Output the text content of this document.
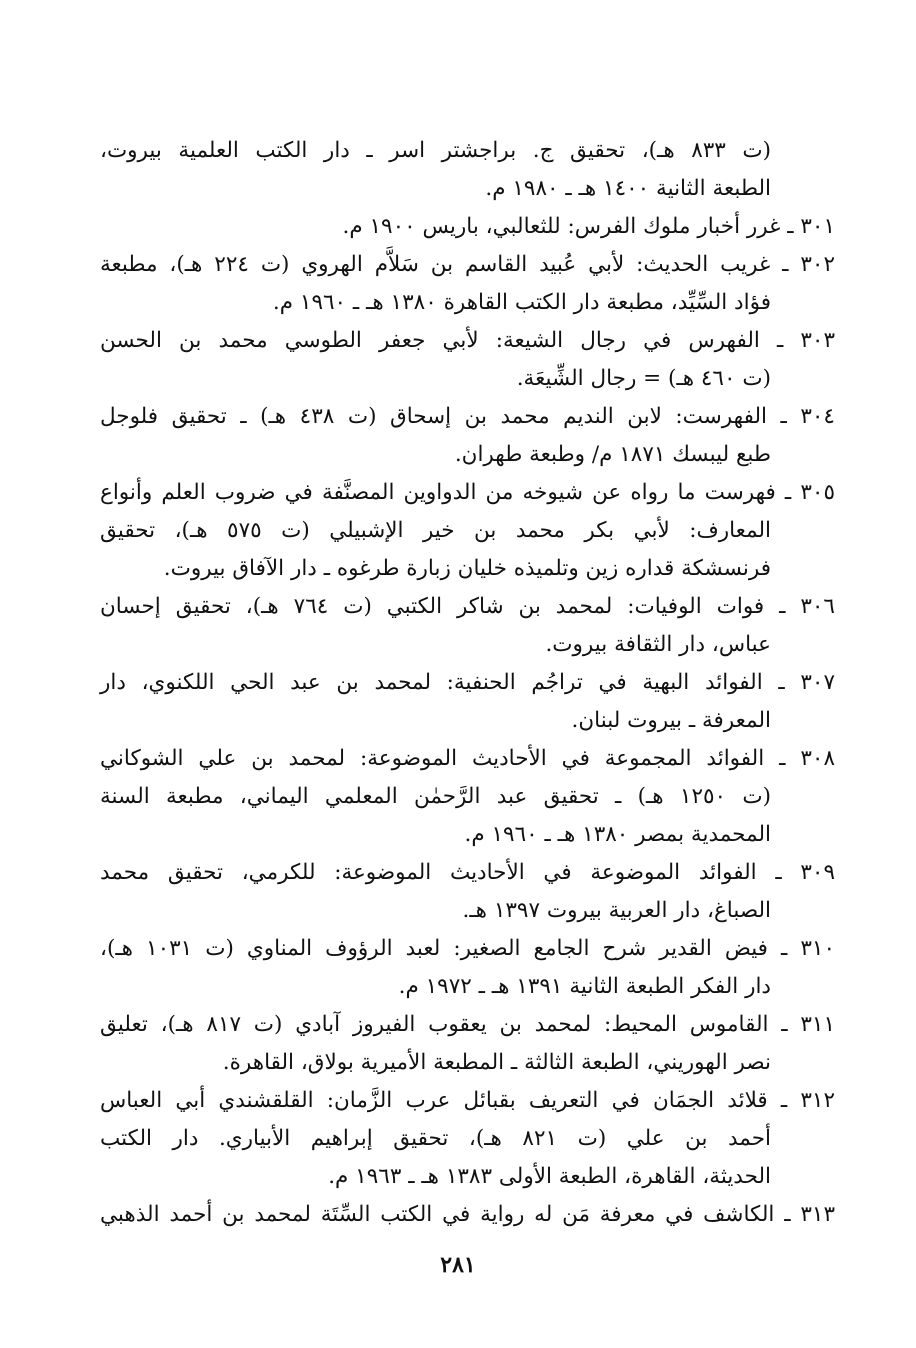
(ت ٨٣٣ هـ)، تحقيق ج. براجشتر اسر ـ دار الكتب العلمية بيروت،
الطبعة الثانية ١٤٠٠ هـ ـ ١٩٨٠ م.
٣٠١ ـ غرر أخبار ملوك الفرس: للثعالبي، باريس ١٩٠٠ م.
٣٠٢ ـ غريب الحديث: لأبي عُبيد القاسم بن سَلاَّم الهروي (ت ٢٢٤ هـ)، مطبعة
فؤاد السِّيِّد، مطبعة دار الكتب القاهرة ١٣٨٠ هـ ـ ١٩٦٠ م.
٣٠٣ ـ الفهرس في رجال الشيعة: لأبي جعفر الطوسي محمد بن الحسن
(ت ٤٦٠ هـ) = رجال الشِّيعَة.
٣٠٤ ـ الفهرست: لابن النديم محمد بن إسحاق (ت ٤٣٨ هـ) ـ تحقيق فلوجل
طبع ليبسك ١٨٧١ م/ وطبعة طهران.
٣٠٥ ـ فهرست ما رواه عن شيوخه من الدواوين المصنَّفة في ضروب العلم وأنواع
المعارف: لأبي بكر محمد بن خير الإشبيلي (ت ٥٧٥ هـ)، تحقيق
فرنسشكة قداره زين وتلميذه خليان زبارة طرغوه ـ دار الآفاق بيروت.
٣٠٦ ـ فوات الوفيات: لمحمد بن شاكر الكتبي (ت ٧٦٤ هـ)، تحقيق إحسان
عباس، دار الثقافة بيروت.
٣٠٧ ـ الفوائد البهية في تراجُم الحنفية: لمحمد بن عبد الحي اللكنوي، دار
المعرفة ـ بيروت لبنان.
٣٠٨ ـ الفوائد المجموعة في الأحاديث الموضوعة: لمحمد بن علي الشوكاني
(ت ١٢٥٠ هـ) ـ تحقيق عبد الرَّحمٰن المعلمي اليماني، مطبعة السنة
المحمدية بمصر ١٣٨٠ هـ ـ ١٩٦٠ م.
٣٠٩ ـ الفوائد الموضوعة في الأحاديث الموضوعة: للكرمي، تحقيق محمد
الصباغ، دار العربية بيروت ١٣٩٧ هـ.
٣١٠ ـ فيض القدير شرح الجامع الصغير: لعبد الرؤوف المناوي (ت ١٠٣١ هـ)،
دار الفكر الطبعة الثانية ١٣٩١ هـ ـ ١٩٧٢ م.
٣١١ ـ القاموس المحيط: لمحمد بن يعقوب الفيروز آبادي (ت ٨١٧ هـ)، تعليق
نصر الهوريني، الطبعة الثالثة ـ المطبعة الأميرية بولاق، القاهرة.
٣١٢ ـ قلائد الجمَان في التعريف بقبائل عرب الزَّمان: القلقشندي أبي العباس
أحمد بن علي (ت ٨٢١ هـ)، تحقيق إبراهيم الأبياري. دار الكتب
الحديثة، القاهرة، الطبعة الأولى ١٣٨٣ هـ ـ ١٩٦٣ م.
٣١٣ ـ الكاشف في معرفة مَن له رواية في الكتب السِّتَة لمحمد بن أحمد الذهبي
٢٨١
